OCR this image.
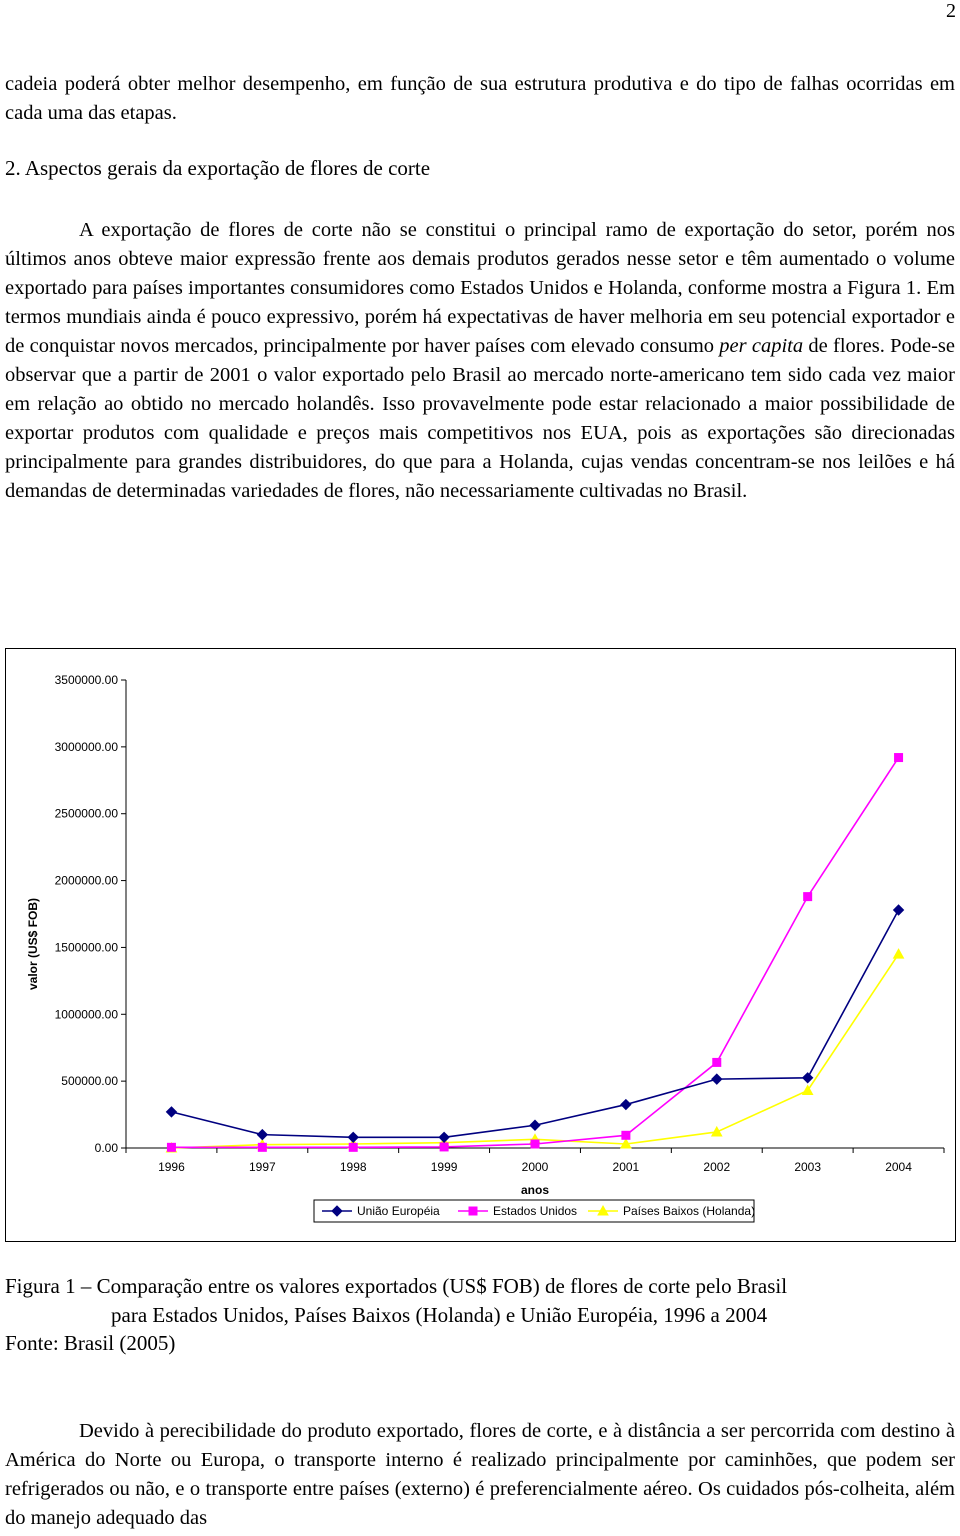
2

cadeia poderá obter melhor desempenho, em função de sua estrutura produtiva e do tipo de falhas ocorridas em cada uma das etapas.

2. Aspectos gerais da exportação de flores de corte

A exportação de flores de corte não se constitui o principal ramo de exportação do setor, porém nos últimos anos obteve maior expressão frente aos demais produtos gerados nesse setor e têm aumentado o volume exportado para países importantes consumidores como Estados Unidos e Holanda, conforme mostra a Figura 1. Em termos mundiais ainda é pouco expressivo, porém há expectativas de haver melhoria em seu potencial exportador e de conquistar novos mercados, principalmente por haver países com elevado consumo per capita de flores. Pode-se observar que a partir de 2001 o valor exportado pelo Brasil ao mercado norte-americano tem sido cada vez maior em relação ao obtido no mercado holandês. Isso provavelmente pode estar relacionado a maior possibilidade de exportar produtos com qualidade e preços mais competitivos nos EUA, pois as exportações são direcionadas principalmente para grandes distribuidores, do que para a Holanda, cujas vendas concentram-se nos leilões e há demandas de determinadas variedades de flores, não necessariamente cultivadas no Brasil.

0.00
500000.00
1000000.00
1500000.00
2000000.00
2500000.00
3000000.00
3500000.00
1996	1997	1998	1999	2000	2001	2002	2003	2004
anos
valor (US$ FOB)
União Européia	Estados Unidos	Países Baixos (Holanda)
Figura 1 – Comparação entre os valores exportados (US$ FOB) de flores de corte pelo Brasil
para Estados Unidos, Países Baixos (Holanda) e União Européia, 1996 a 2004
Fonte: Brasil (2005)

Devido à perecibilidade do produto exportado, flores de corte, e à distância a ser percorrida com destino à América do Norte ou Europa, o transporte interno é realizado principalmente por caminhões, que podem ser refrigerados ou não, e o transporte entre países (externo) é preferencialmente aéreo. Os cuidados pós-colheita, além do manejo adequado das
